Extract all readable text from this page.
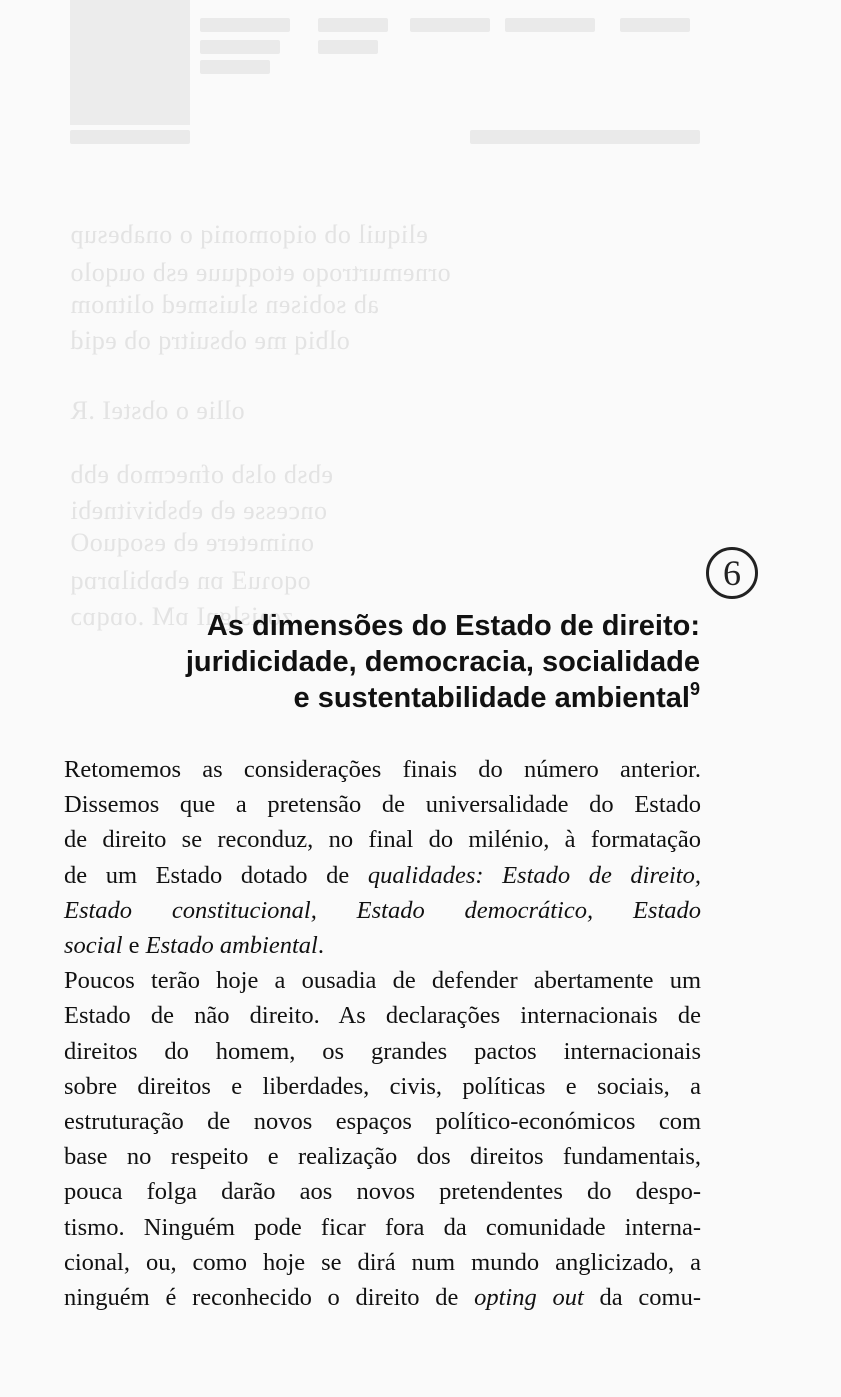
eliquil ob oiqomoniq o onabesup
ornemurtroqo etoqquue esb ouqolo
ab sobisen sluismed olitnom
olbiq me obsuitrq ob eqid
ollie o obsteI .R
ebsb olsb ofnecmob ebb
oncesse eb ebsbivitnebi
onimetere eb esoquoO
oqoɿuƎ ɒn ebɒbilɒrɒq
zoɿislgnI ɒM .oɒqɒɔ
6
As dimensões do Estado de direito:
juridicidade, democracia, socialidade
e sustentabilidade ambiental$^9$
Retomemos as considerações finais do número anterior.
Dissemos que a pretensão de universalidade do Estado
de direito se reconduz, no final do milénio, à formatação
de um Estado dotado de qualidades: Estado de direito,
Estado constitucional, Estado democrático, Estado
social e Estado ambiental.
Poucos terão hoje a ousadia de defender abertamente um
Estado de não direito. As declarações internacionais de
direitos do homem, os grandes pactos internacionais
sobre direitos e liberdades, civis, políticas e sociais, a
estruturação de novos espaços político-económicos com
base no respeito e realização dos direitos fundamentais,
pouca folga darão aos novos pretendentes do despo-
tismo. Ninguém pode ficar fora da comunidade interna-
cional, ou, como hoje se dirá num mundo anglicizado, a
ninguém é reconhecido o direito de opting out da comu-
